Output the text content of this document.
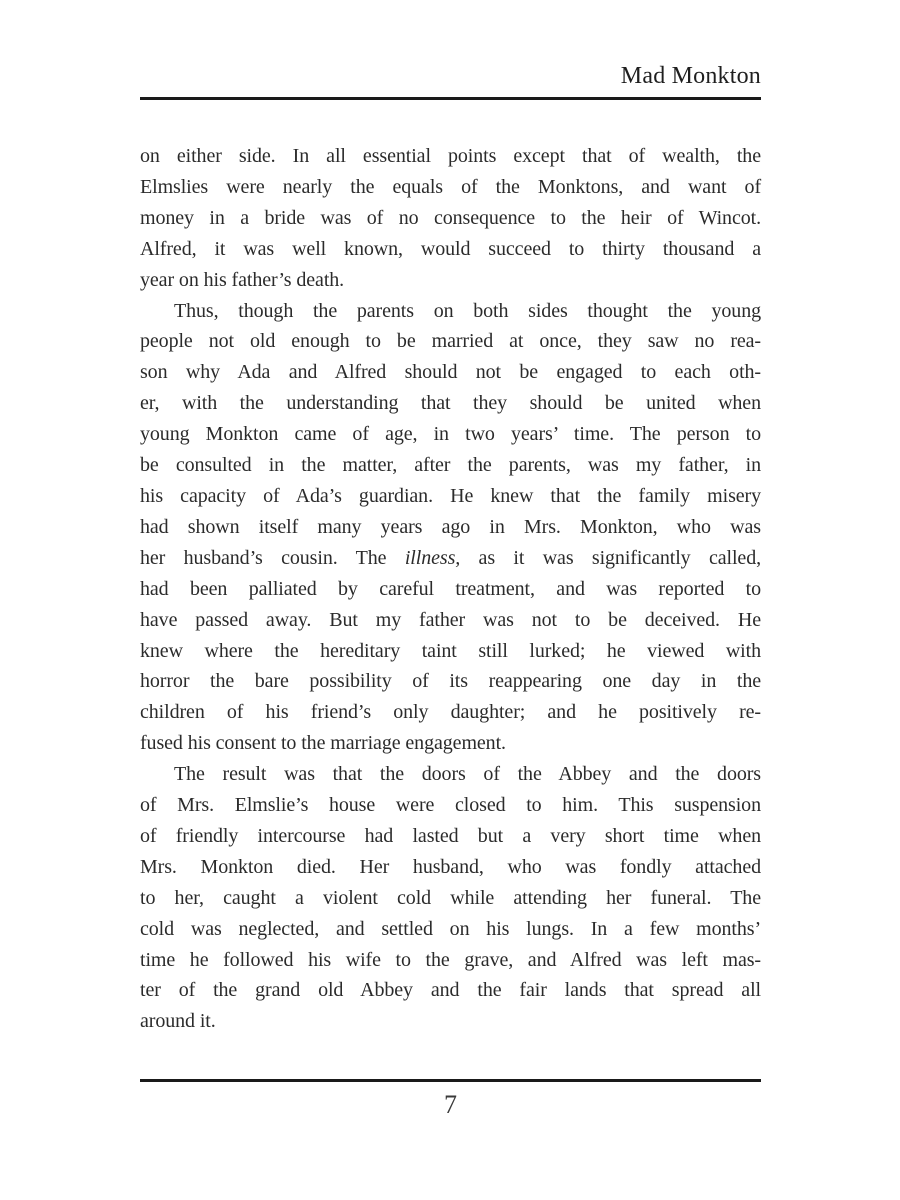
Mad Monkton
on either side. In all essential points except that of wealth, the
Elmslies were nearly the equals of the Monktons, and want of
money in a bride was of no consequence to the heir of Wincot.
Alfred, it was well known, would succeed to thirty thousand a
year on his father’s death.
Thus, though the parents on both sides thought the young
people not old enough to be married at once, they saw no rea-
son why Ada and Alfred should not be engaged to each oth-
er, with the understanding that they should be united when
young Monkton came of age, in two years’ time. The person to
be consulted in the matter, after the parents, was my father, in
his capacity of Ada’s guardian. He knew that the family misery
had shown itself many years ago in Mrs. Monkton, who was
her husband’s cousin. The illness, as it was significantly called,
had been palliated by careful treatment, and was reported to
have passed away. But my father was not to be deceived. He
knew where the hereditary taint still lurked; he viewed with
horror the bare possibility of its reappearing one day in the
children of his friend’s only daughter; and he positively re-
fused his consent to the marriage engagement.
The result was that the doors of the Abbey and the doors
of Mrs. Elmslie’s house were closed to him. This suspension
of friendly intercourse had lasted but a very short time when
Mrs. Monkton died. Her husband, who was fondly attached
to her, caught a violent cold while attending her funeral. The
cold was neglected, and settled on his lungs. In a few months’
time he followed his wife to the grave, and Alfred was left mas-
ter of the grand old Abbey and the fair lands that spread all
around it.
7
